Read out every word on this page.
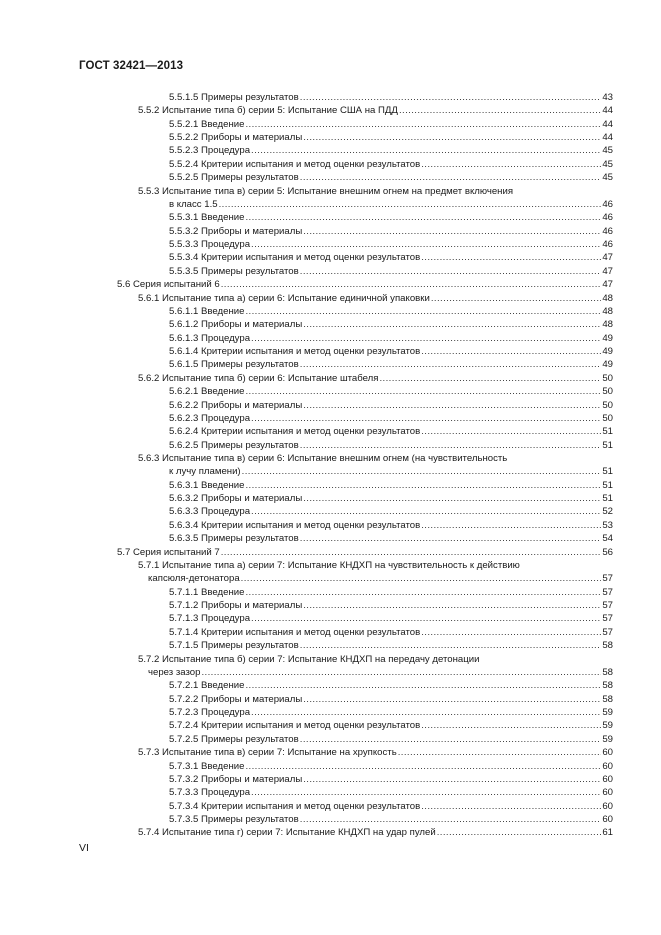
ГОСТ 32421—2013
5.5.1.5 Примеры результатов .....	43
5.5.2 Испытание типа б) серии 5: Испытание США на ПДД .....	44
5.5.2.1 Введение .....	44
5.5.2.2 Приборы и материалы .....	44
5.5.2.3 Процедура .....	45
5.5.2.4 Критерии испытания и метод оценки результатов .....	45
5.5.2.5 Примеры результатов .....	45
5.5.3 Испытание типа в) серии 5: Испытание внешним огнем на предмет включения
в класс 1.5 .....	46
5.5.3.1 Введение .....	46
5.5.3.2 Приборы и материалы .....	46
5.5.3.3 Процедура .....	46
5.5.3.4 Критерии испытания и метод оценки результатов .....	47
5.5.3.5 Примеры результатов .....	47
5.6 Серия испытаний 6 .....	47
5.6.1 Испытание типа а) серии 6: Испытание единичной упаковки .....	48
5.6.1.1 Введение .....	48
5.6.1.2 Приборы и материалы .....	48
5.6.1.3 Процедура .....	49
5.6.1.4 Критерии испытания и метод оценки результатов .....	49
5.6.1.5 Примеры результатов .....	49
5.6.2 Испытание типа б) серии 6: Испытание штабеля .....	50
5.6.2.1 Введение .....	50
5.6.2.2 Приборы и материалы .....	50
5.6.2.3 Процедура .....	50
5.6.2.4 Критерии испытания и метод оценки результатов .....	51
5.6.2.5 Примеры результатов .....	51
5.6.3 Испытание типа в) серии 6: Испытание внешним огнем (на чувствительность
к лучу пламени) .....	51
5.6.3.1 Введение .....	51
5.6.3.2 Приборы и материалы .....	51
5.6.3.3 Процедура .....	52
5.6.3.4 Критерии испытания и метод оценки результатов .....	53
5.6.3.5 Примеры результатов .....	54
5.7 Серия испытаний 7 .....	56
5.7.1 Испытание типа а) серии 7: Испытание КНДХП на чувствительность к действию
капсюля-детонатора .....	57
5.7.1.1 Введение .....	57
5.7.1.2 Приборы и материалы .....	57
5.7.1.3 Процедура .....	57
5.7.1.4 Критерии испытания и метод оценки результатов .....	57
5.7.1.5 Примеры результатов .....	58
5.7.2 Испытание типа б) серии 7: Испытание КНДХП на передачу детонации
через зазор .....	58
5.7.2.1 Введение .....	58
5.7.2.2 Приборы и материалы .....	58
5.7.2.3 Процедура .....	59
5.7.2.4 Критерии испытания и метод оценки результатов .....	59
5.7.2.5 Примеры результатов .....	59
5.7.3 Испытание типа в) серии 7: Испытание на хрупкость .....	60
5.7.3.1 Введение .....	60
5.7.3.2 Приборы и материалы .....	60
5.7.3.3 Процедура .....	60
5.7.3.4 Критерии испытания и метод оценки результатов .....	60
5.7.3.5 Примеры результатов .....	60
5.7.4 Испытание типа г) серии 7: Испытание КНДХП на удар пулей .....	61
VI
